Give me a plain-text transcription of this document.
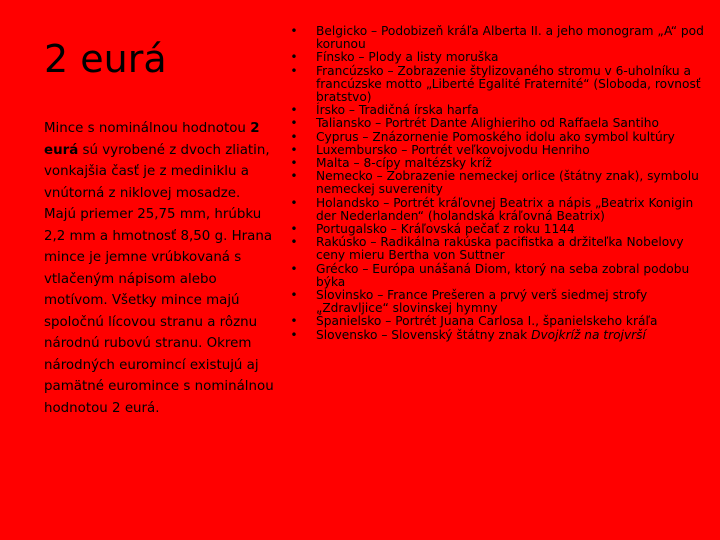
2 eurá
Mince s nominálnou hodnotou 2 eurá sú vyrobené z dvoch zliatin, vonkajšia časť je z mediniklu a vnútorná z niklovej mosadze. Majú priemer 25,75 mm, hrúbku 2,2 mm a hmotnosť 8,50 g. Hrana mince je jemne vrúbkovaná s vtlačeným nápisom alebo motívom. Všetky mince majú spoločnú lícovou stranu a rôznu národnú rubovú stranu. Okrem národných euromincí existujú aj pamätné euromince s nominálnou hodnotou 2 eurá.
• Belgicko – Podobizeň kráľa Alberta II. a jeho monogram „A“ pod korunou
• Fínsko – Plody a listy moruška
• Francúzsko – Zobrazenie štylizovaného stromu v 6-uholníku a francúzske motto „Liberté Egalité Fraternité“ (Sloboda, rovnosť bratstvo)
• Írsko – Tradičná írska harfa
• Taliansko – Portrét Dante Alighieriho od Raffaela Santiho
• Cyprus – Znázornenie Pomoského idolu ako symbol kultúry
• Luxembursko – Portrét veľkovojvodu Henriho
• Malta – 8-cípy maltézsky kríž
• Nemecko – Zobrazenie nemeckej orlice (štátny znak), symbolu nemeckej suverenity
• Holandsko – Portrét kráľovnej Beatrix a nápis „Beatrix Konigin der Nederlanden“ (holandská kráľovná Beatrix)
• Portugalsko – Kráľovská pečať z roku 1144
• Rakúsko – Radikálna rakúska pacifistka a držiteľka Nobelovy ceny mieru Bertha von Suttner
• Grécko – Európa unášaná Diom, ktorý na seba zobral podobu býka
• Slovinsko – France Prešeren a prvý verš siedmej strofy „Zdravljice“ slovinskej hymny
• Španielsko – Portrét Juana Carlosa I., španielskeho kráľa
• Slovensko – Slovenský štátny znak Dvojkríž na trojvrší
